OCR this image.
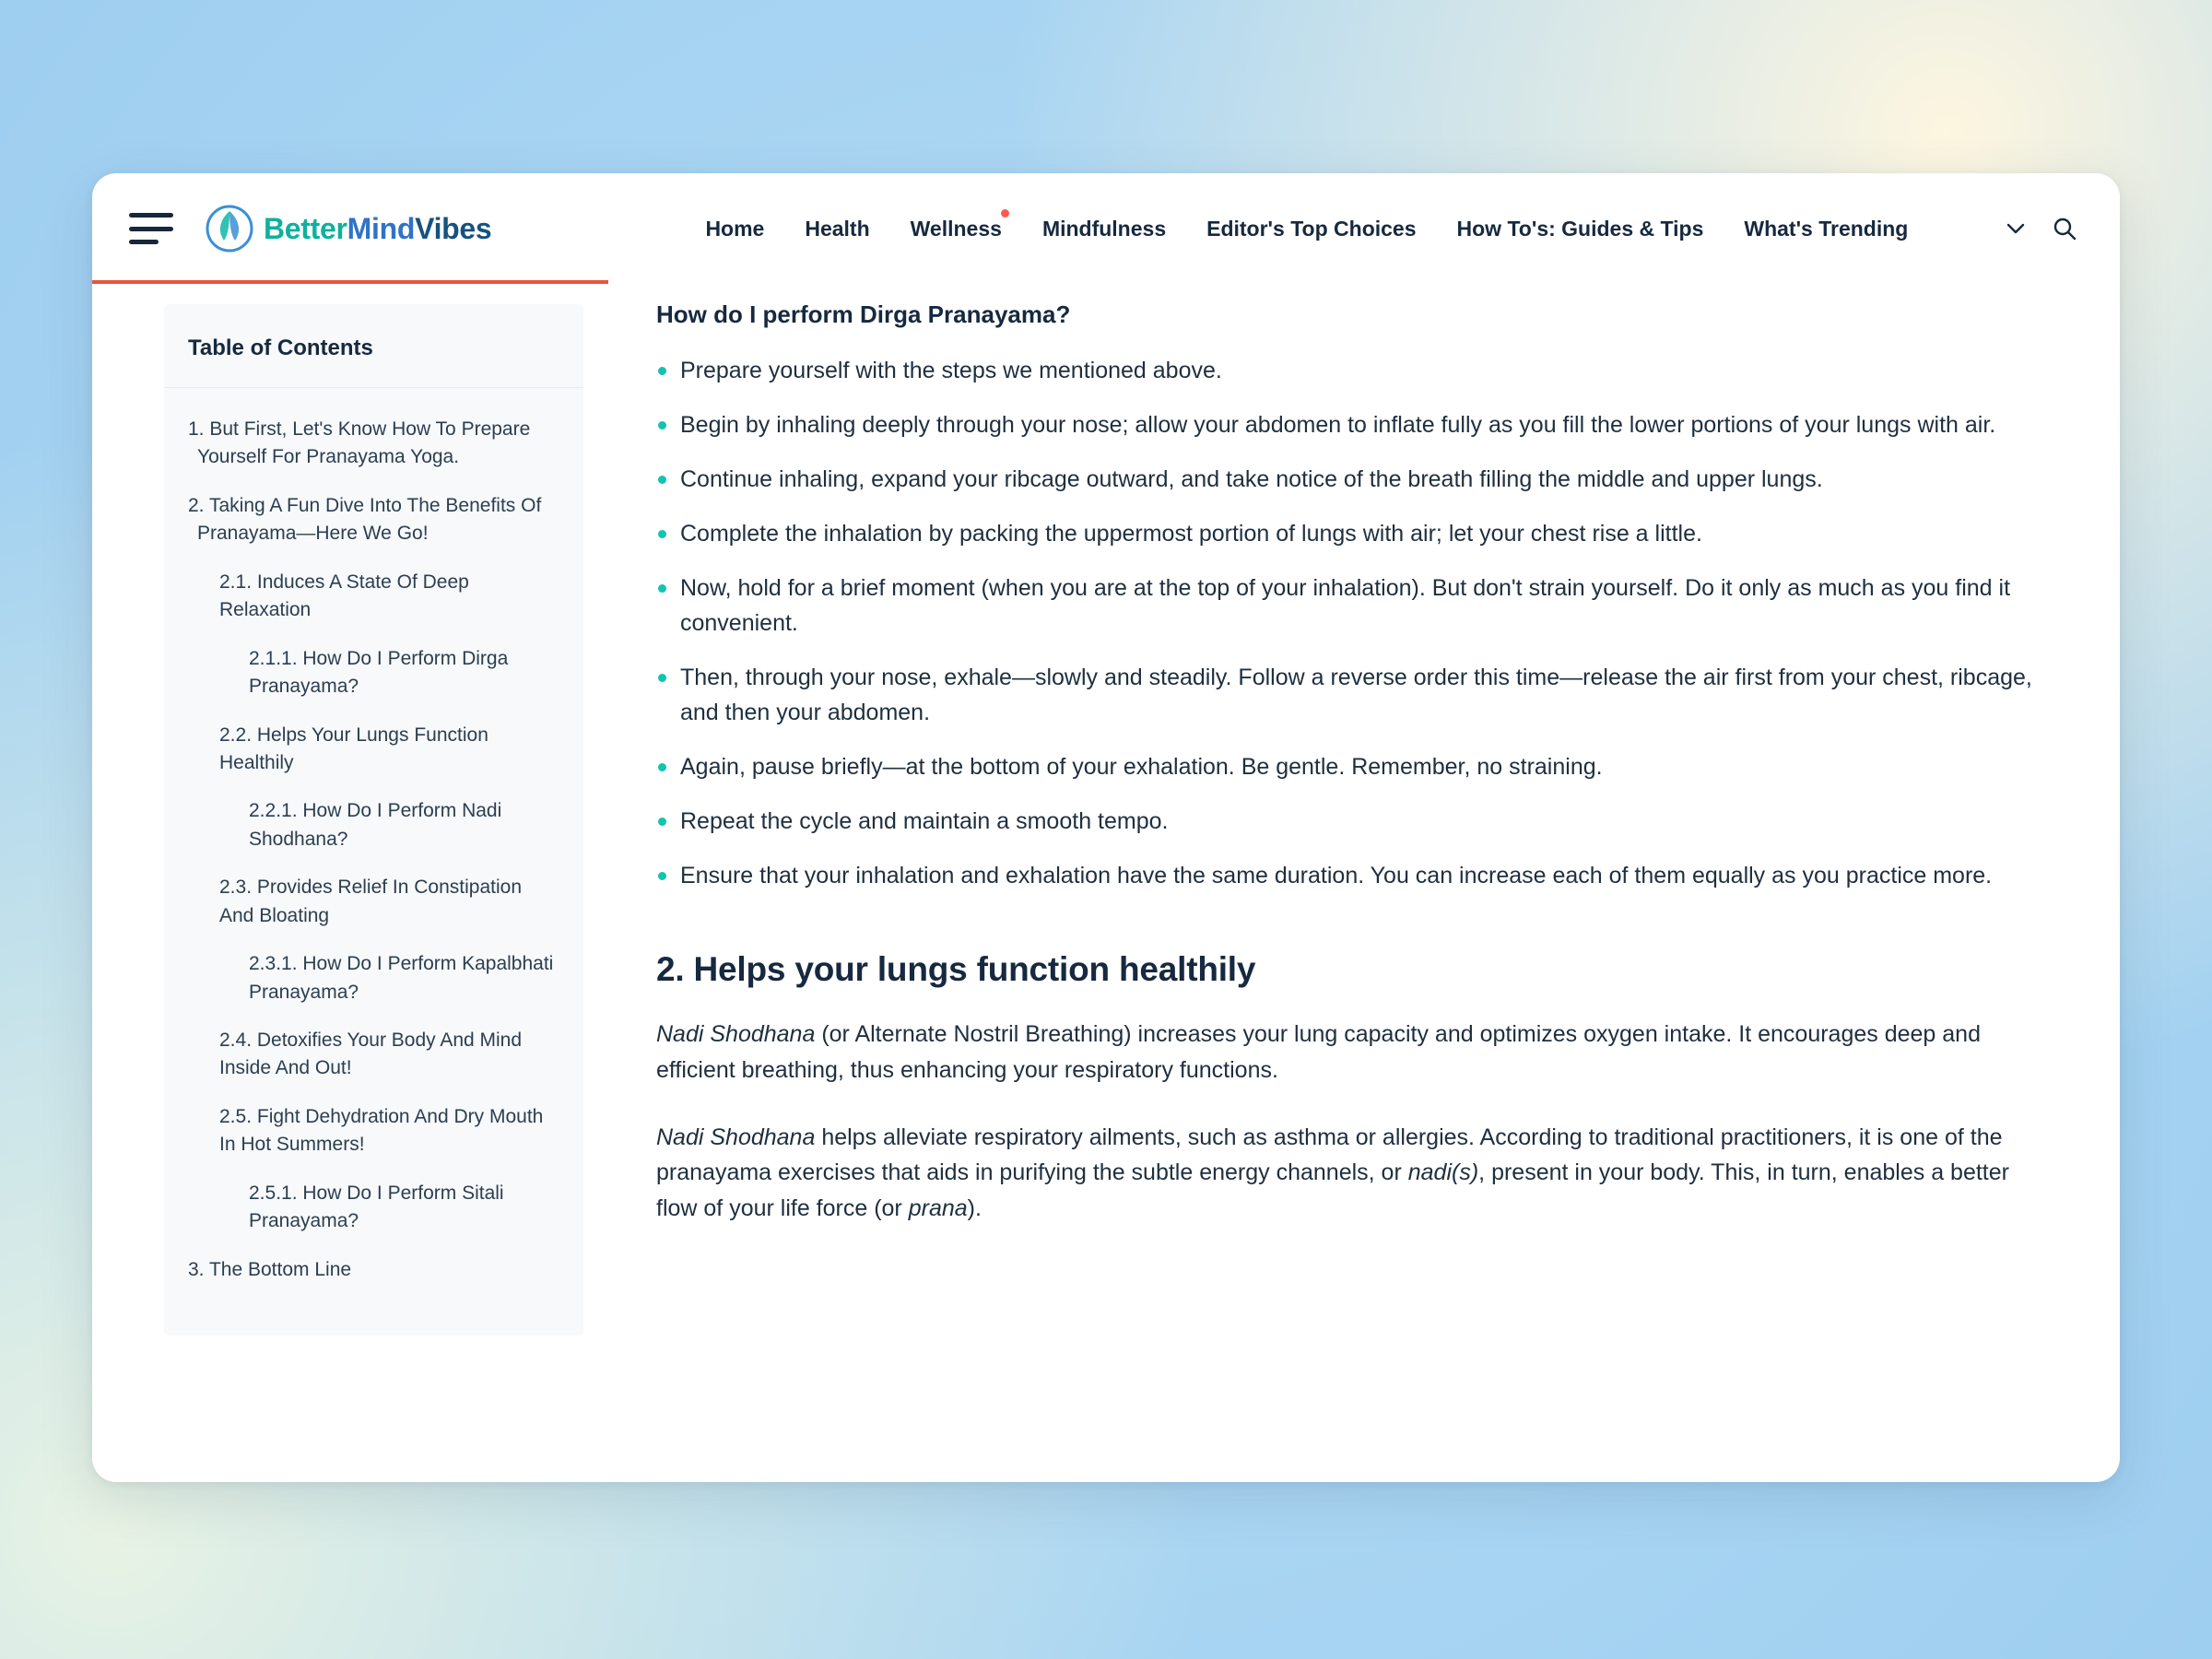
BetterMindVibes	Home	Health	Wellness	Mindfulness	Editor's Top Choices	How To's: Guides & Tips	What's Trending
Table of Contents
1. But First, Let's Know How To Prepare Yourself For Pranayama Yoga.
2. Taking A Fun Dive Into The Benefits Of Pranayama—Here We Go!
2.1. Induces A State Of Deep Relaxation
2.1.1. How Do I Perform Dirga Pranayama?
2.2. Helps Your Lungs Function Healthily
2.2.1. How Do I Perform Nadi Shodhana?
2.3. Provides Relief In Constipation And Bloating
2.3.1. How Do I Perform Kapalbhati Pranayama?
2.4. Detoxifies Your Body And Mind Inside And Out!
2.5. Fight Dehydration And Dry Mouth In Hot Summers!
2.5.1. How Do I Perform Sitali Pranayama?
3. The Bottom Line
How do I perform Dirga Pranayama?
Prepare yourself with the steps we mentioned above.
Begin by inhaling deeply through your nose; allow your abdomen to inflate fully as you fill the lower portions of your lungs with air.
Continue inhaling, expand your ribcage outward, and take notice of the breath filling the middle and upper lungs.
Complete the inhalation by packing the uppermost portion of lungs with air; let your chest rise a little.
Now, hold for a brief moment (when you are at the top of your inhalation). But don't strain yourself. Do it only as much as you find it convenient.
Then, through your nose, exhale—slowly and steadily. Follow a reverse order this time—release the air first from your chest, ribcage, and then your abdomen.
Again, pause briefly—at the bottom of your exhalation. Be gentle. Remember, no straining.
Repeat the cycle and maintain a smooth tempo.
Ensure that your inhalation and exhalation have the same duration. You can increase each of them equally as you practice more.
2. Helps your lungs function healthily

Nadi Shodhana (or Alternate Nostril Breathing) increases your lung capacity and optimizes oxygen intake. It encourages deep and efficient breathing, thus enhancing your respiratory functions.

Nadi Shodhana helps alleviate respiratory ailments, such as asthma or allergies. According to traditional practitioners, it is one of the pranayama exercises that aids in purifying the subtle energy channels, or nadi(s), present in your body. This, in turn, enables a better flow of your life force (or prana).
